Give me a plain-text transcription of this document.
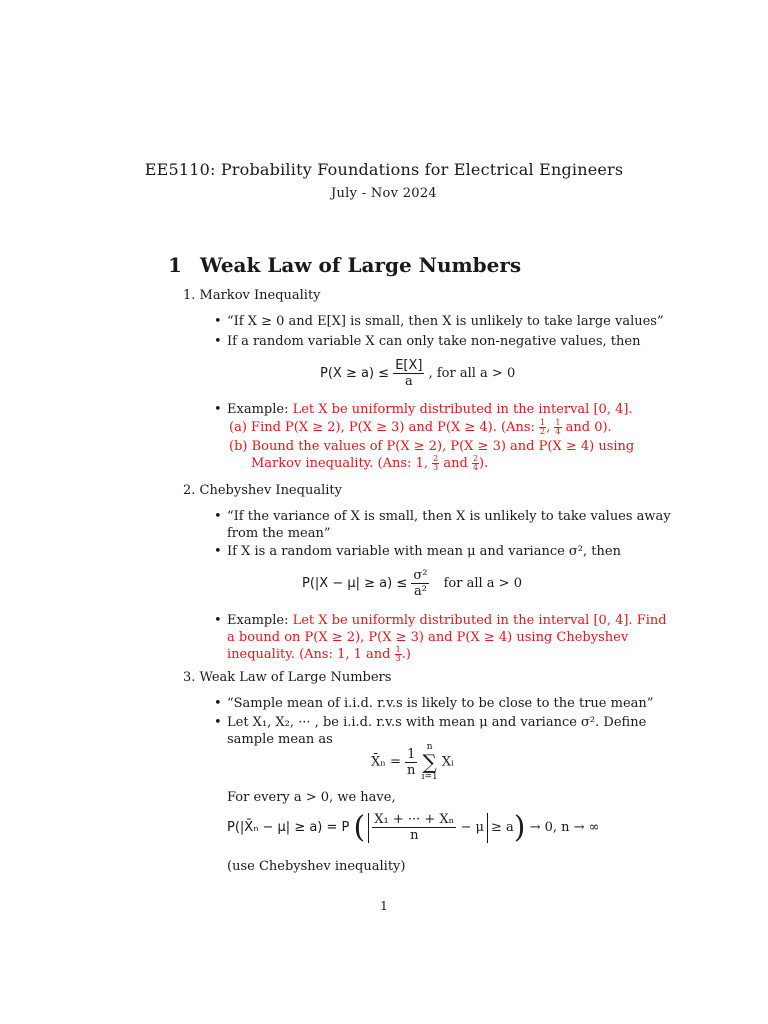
EE5110: Probability Foundations for Electrical Engineers
July - Nov 2024
1 Weak Law of Large Numbers
1. Markov Inequality
• “If X ≥ 0 and E[X] is small, then X is unlikely to take large values”
• If a random variable X can only take non-negative values, then
$P(X \ge a) \le \frac{E[X]}{a}$ , for all a > 0
• Example: Let X be uniformly distributed in the interval [0, 4].
(a) Find P(X ≥ 2), P(X ≥ 3) and P(X ≥ 4). (Ans: $\frac{1}{2}$ , $\frac{1}{4}$ and 0).
(b) Bound the values of P(X ≥ 2), P(X ≥ 3) and P(X ≥ 4) using
Markov inequality. (Ans: 1, $\frac{2}{3}$ and $\frac{2}{4}$ ).
2. Chebyshev Inequality
• “If the variance of X is small, then X is unlikely to take values away
from the mean”
• If X is a random variable with mean μ and variance σ², then
$P(|X - \mu| \ge a) \le \frac{\text{σ²}}{\text{a²}}$ for all a > 0
• Example: Let X be uniformly distributed in the interval [0, 4]. Find
a bound on P(X ≥ 2), P(X ≥ 3) and P(X ≥ 4) using Chebyshev
inequality. (Ans: 1, 1 and $\frac{1}{3}$ .)
3. Weak Law of Large Numbers
• “Sample mean of i.i.d. r.v.s is likely to be close to the true mean”
• Let X₁, X₂, ··· , be i.i.d. r.v.s with mean μ and variance σ². Define
sample mean as
X̄ₙ = $\frac{1}{n}$
	n
∑
i=1
Xᵢ
For every a > 0, we have,
P(|X̄ₙ − μ| ≥ a) = P ( $\frac{\text{X₁ + ··· + Xₙ}}{n} - \mu \ge a) \to 0$, n → ∞
(use Chebyshev inequality)
1
